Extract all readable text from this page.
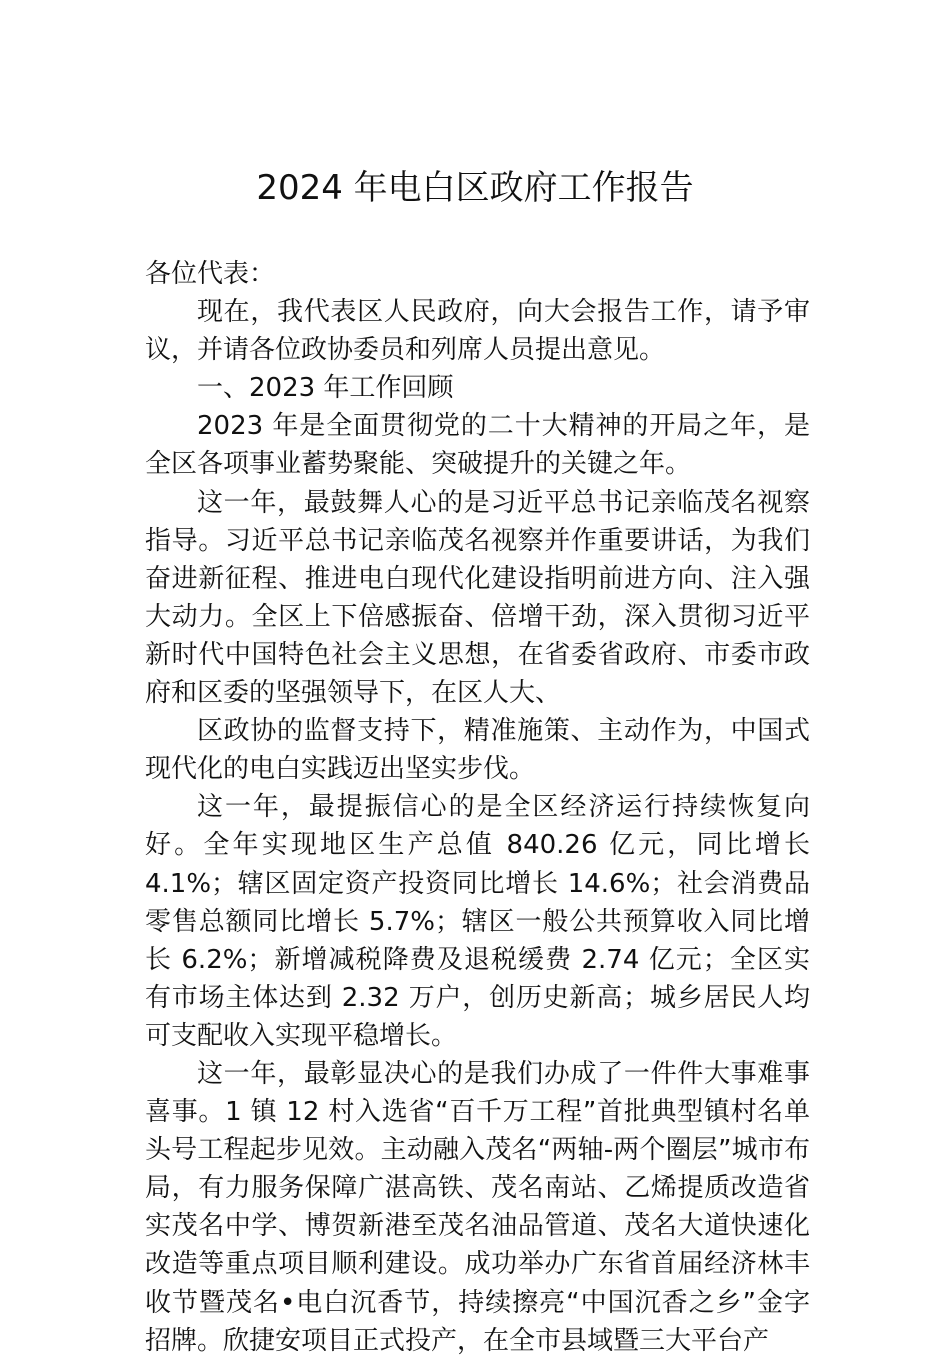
2024 年电白区政府工作报告

各位代表：

现在，我代表区人民政府，向大会报告工作，请予审议，并请各位政协委员和列席人员提出意见。

一、2023 年工作回顾

2023 年是全面贯彻党的二十大精神的开局之年，是全区各项事业蓄势聚能、突破提升的关键之年。

这一年，最鼓舞人心的是习近平总书记亲临茂名视察指导。习近平总书记亲临茂名视察并作重要讲话，为我们奋进新征程、推进电白现代化建设指明前进方向、注入强大动力。全区上下倍感振奋、倍增干劲，深入贯彻习近平新时代中国特色社会主义思想，在省委省政府、市委市政府和区委的坚强领导下，在区人大、

区政协的监督支持下，精准施策、主动作为，中国式现代化的电白实践迈出坚实步伐。

这一年，最提振信心的是全区经济运行持续恢复向好。全年实现地区生产总值 840.26 亿元，同比增长 4.1%；辖区固定资产投资同比增长 14.6%；社会消费品零售总额同比增长 5.7%；辖区一般公共预算收入同比增长 6.2%；新增减税降费及退税缓费 2.74 亿元；全区实有市场主体达到 2.32 万户，创历史新高；城乡居民人均可支配收入实现平稳增长。

这一年，最彰显决心的是我们办成了一件件大事难事喜事。1 镇 12 村入选省“百千万工程”首批典型镇村名单头号工程起步见效。主动融入茂名“两轴-两个圈层”城市布局，有力服务保障广湛高铁、茂名南站、乙烯提质改造省实茂名中学、博贺新港至茂名油品管道、茂名大道快速化改造等重点项目顺利建设。成功举办广东省首届经济林丰收节暨茂名•电白沉香节，持续擦亮“中国沉香之乡”金字招牌。欣捷安项目正式投产，在全市县域暨三大平台产
